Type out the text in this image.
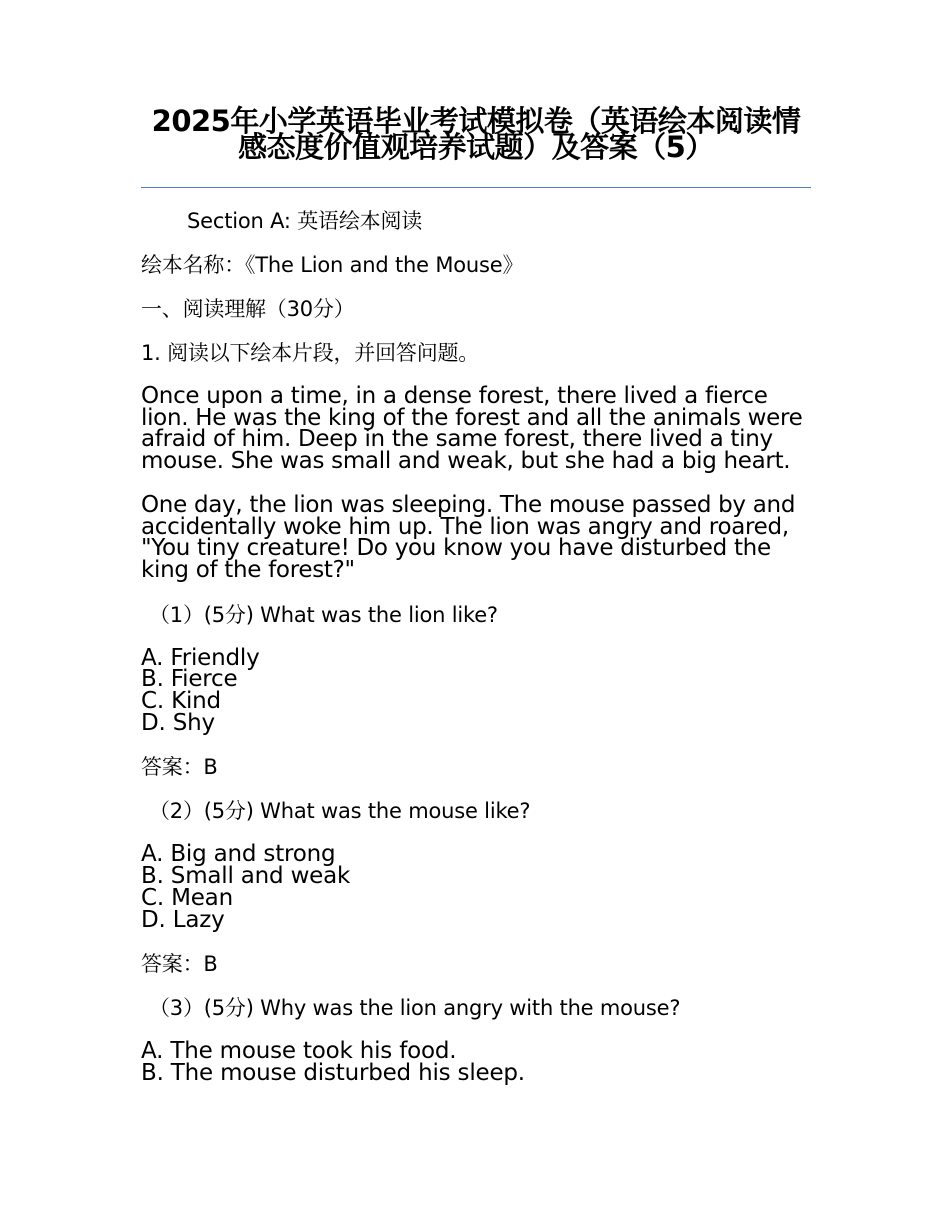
2025年小学英语毕业考试模拟卷（英语绘本阅读情感态度价值观培养试题）及答案（5）

Section A: 英语绘本阅读

绘本名称：《The Lion and the Mouse》

一、阅读理解（30分）

1. 阅读以下绘本片段，并回答问题。

Once upon a time, in a dense forest, there lived a fierce lion. He was the king of the forest and all the animals were afraid of him. Deep in the same forest, there lived a tiny mouse. She was small and weak, but she had a big heart.

One day, the lion was sleeping. The mouse passed by and accidentally woke him up. The lion was angry and roared, "You tiny creature! Do you know you have disturbed the king of the forest?"

（1）(5分) What was the lion like?

A. Friendly
B. Fierce
C. Kind
D. Shy

答案：B

（2）(5分) What was the mouse like?

A. Big and strong
B. Small and weak
C. Mean
D. Lazy

答案：B

（3）(5分) Why was the lion angry with the mouse?

A. The mouse took his food.
B. The mouse disturbed his sleep.
